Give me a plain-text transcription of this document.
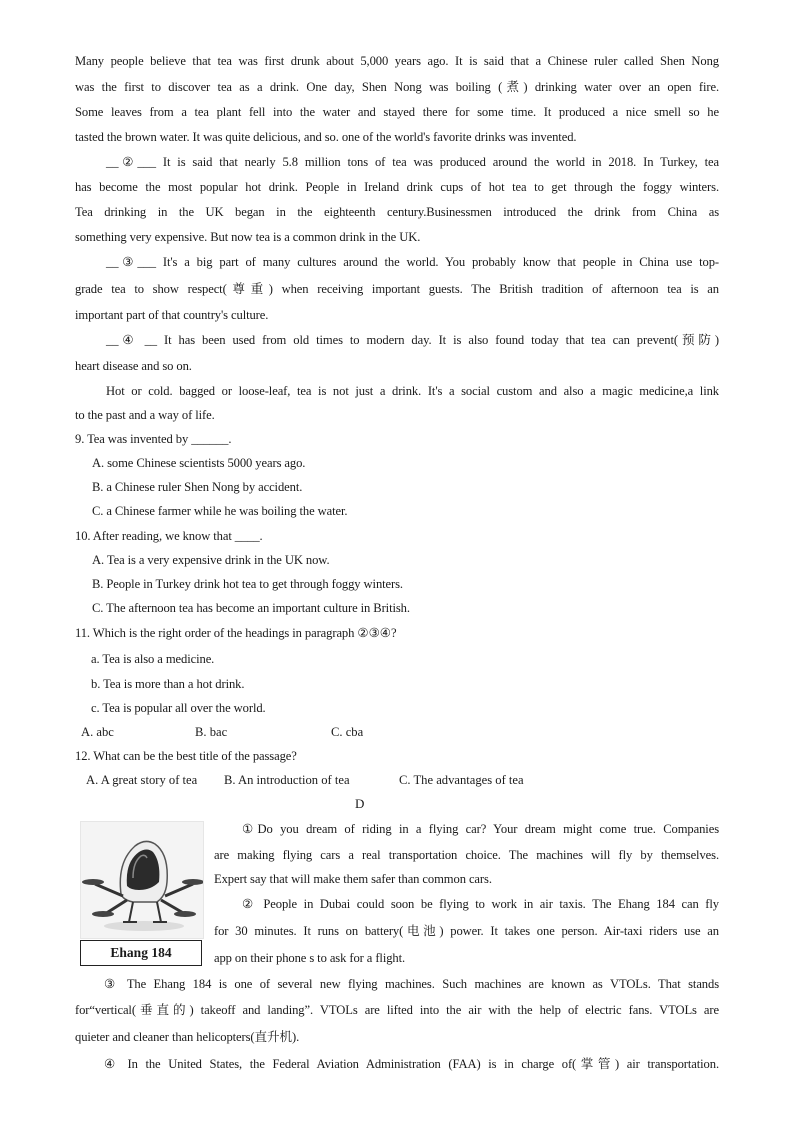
Many people believe that tea was first drunk about 5,000 years ago. It is said that a Chinese ruler called Shen Nong
was the first to discover tea as a drink. One day, Shen Nong was boiling (煮) drinking water over an open fire.
Some leaves from a tea plant fell into the water and stayed there for some time. It produced a nice smell so he
tasted the brown water. It was quite delicious, and so. one of the world's favorite drinks was invented.
__②___ It is said that nearly 5.8 million tons of tea was produced around the world in 2018. In Turkey, tea
has become the most popular hot drink. People in Ireland drink cups of hot tea to get through the foggy winters.
Tea drinking in the UK began in the eighteenth century.Businessmen introduced the drink from China as
something very expensive. But now tea is a common drink in the UK.
__③___ It's a big part of many cultures around the world. You probably know that people in China use top-
grade tea to show respect(尊重) when receiving important guests. The British tradition of afternoon tea is an
important part of that country's culture.
__④ __ It has been used from old times to modern day. It is also found today that tea can prevent(预防)
heart disease and so on.
Hot or cold. bagged or loose-leaf, tea is not just a drink. It's a social custom and also a magic medicine,a link
to the past and a way of life.
9. Tea was invented by ______.
A. some Chinese scientists 5000 years ago.
B. a Chinese ruler Shen Nong by accident.
C. a Chinese farmer while he was boiling the water.
10. After reading, we know that ____.
A. Tea is a very expensive drink in the UK now.
B. People in Turkey drink hot tea to get through foggy winters.
C. The afternoon tea has become an important culture in British.
11. Which is the right order of the headings in paragraph ②③④?
a. Tea is also a medicine.
b. Tea is more than a hot drink.
c. Tea is popular all over the world.
A. abc	B. bac	C. cba
12. What can be the best title of the passage?
A. A great story of tea B. An introduction of tea	C. The advantages of tea
D
Ehang 184
①Do you dream of riding in a flying car? Your dream might come true. Companies
are making flying cars a real transportation choice. The machines will fly by themselves.
Expert say that will make them safer than common cars.
② People in Dubai could soon be flying to work in air taxis. The Ehang 184 can fly
for 30 minutes. It runs on battery(电池) power. It takes one person. Air-taxi riders use an
app on their phone s to ask for a flight.
③ The Ehang 184 is one of several new flying machines. Such machines are known as VTOLs. That stands
for“vertical(垂直的) takeoff and landing”. VTOLs are lifted into the air with the help of electric fans. VTOLs are
quieter and cleaner than helicopters(直升机).
④ In the United States, the Federal Aviation Administration (FAA) is in charge of(掌管) air transportation.
